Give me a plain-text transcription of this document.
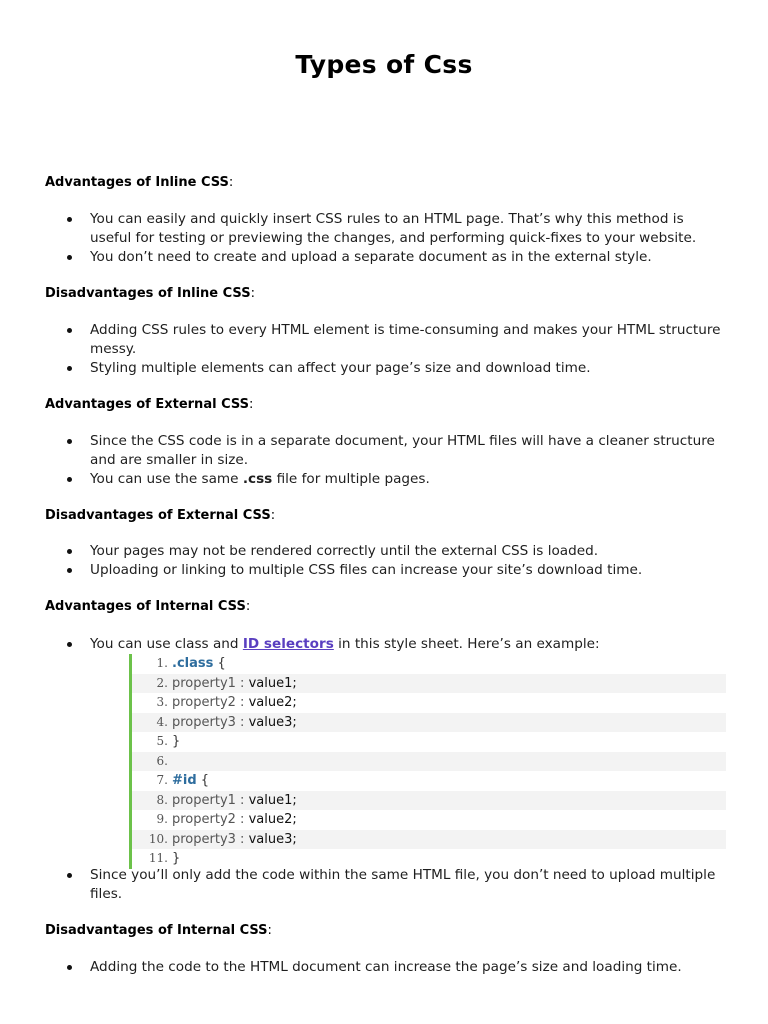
Types of Css
Advantages of Inline CSS:
You can easily and quickly insert CSS rules to an HTML page. That’s why this method is useful for testing or previewing the changes, and performing quick-fixes to your website.
You don’t need to create and upload a separate document as in the external style.
Disadvantages of Inline CSS:
Adding CSS rules to every HTML element is time-consuming and makes your HTML structure messy.
Styling multiple elements can affect your page’s size and download time.
Advantages of External CSS:
Since the CSS code is in a separate document, your HTML files will have a cleaner structure and are smaller in size.
You can use the same .css file for multiple pages.
Disadvantages of External CSS:
Your pages may not be rendered correctly until the external CSS is loaded.
Uploading or linking to multiple CSS files can increase your site’s download time.
Advantages of Internal CSS:
You can use class and ID selectors in this style sheet. Here’s an example:
1. .class {
2. property1 : value1;
3. property2 : value2;
4. property3 : value3;
5. }
6.
7. #id {
8. property1 : value1;
9. property2 : value2;
10. property3 : value3;
11. }
Since you’ll only add the code within the same HTML file, you don’t need to upload multiple files.
Disadvantages of Internal CSS:
Adding the code to the HTML document can increase the page’s size and loading time.
